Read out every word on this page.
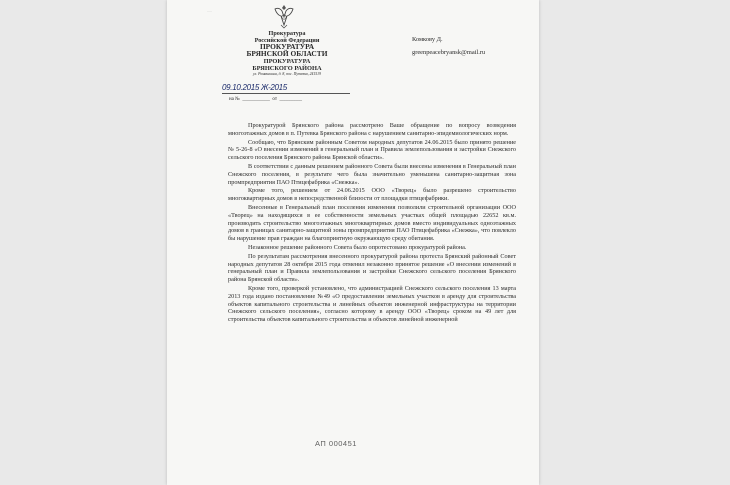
·····
Прокуратура
Российской Федерации
ПРОКУРАТУРА
БРЯНСКОЙ ОБЛАСТИ
ПРОКУРАТУРА
БРЯНСКОГО РАЙОНА
ул. Ромашкина, д. 8, пос. Путевка, 241519
09.10.2015 Ж-2015
на №  ___________  от  _________
Комкову Д.
greenpeacebryansk@mail.ru

Прокуратурой Брянского района рассмотрено Ваше обращение по вопросу возведения многоэтажных домов в п. Путевка Брянского района с нарушением санитарно-эпидемиологических норм.

Сообщаю, что Брянским районным Советом народных депутатов 24.06.2015 было принято решение № 5-26-8 «О внесении изменений в генеральный план и Правила землепользования и застройки Снежского сельского поселения Брянского района Брянской области».

В соответствии с данным решением районного Совета были внесены изменения в Генеральный план Снежского поселения, в результате чего была значительно уменьшена санитарно-защитная зона промпредприятия ПАО Птицефабрика «Снежка».

Кроме того, решением от 24.06.2015 ООО «Творец» было разрешено строительство многоквартирных домов в непосредственной близости от площадки птицефабрики.

Внесенные в Генеральный план поселения изменения позволили строительной организации ООО «Творец» на находящихся в ее собственности земельных участках общей площадью 22652 кв.м. производить строительство многоэтажных многоквартирных домов вместо индивидуальных одноэтажных домов в границах санитарно-защитной зоны промпредприятия ПАО Птицефабрика «Снежка», что повлекло бы нарушение прав граждан на благоприятную окружающую среду обитания.

Незаконное решение районного Совета было опротестовано прокуратурой района.

По результатам рассмотрения внесенного прокуратурой района протеста Брянский районный Совет народных депутатов 28 октября 2015 года отменил незаконно принятое решение «О внесении изменений в генеральный план и Правила землепользования и застройки Снежского сельского поселения Брянского района Брянской области».

Кроме того, проверкой установлено, что администрацией Снежского сельского поселения 13 марта 2013 года издано постановление №49 «О предоставлении земельных участков в аренду для строительства объектов капитального строительства и линейных объектов инженерной инфраструктуры на территории Снежского сельского поселения», согласно которому в аренду ООО «Творец» сроком на 49 лет для строительства объектов капитального строительства и объектов линейной инженерной

АП 000451
